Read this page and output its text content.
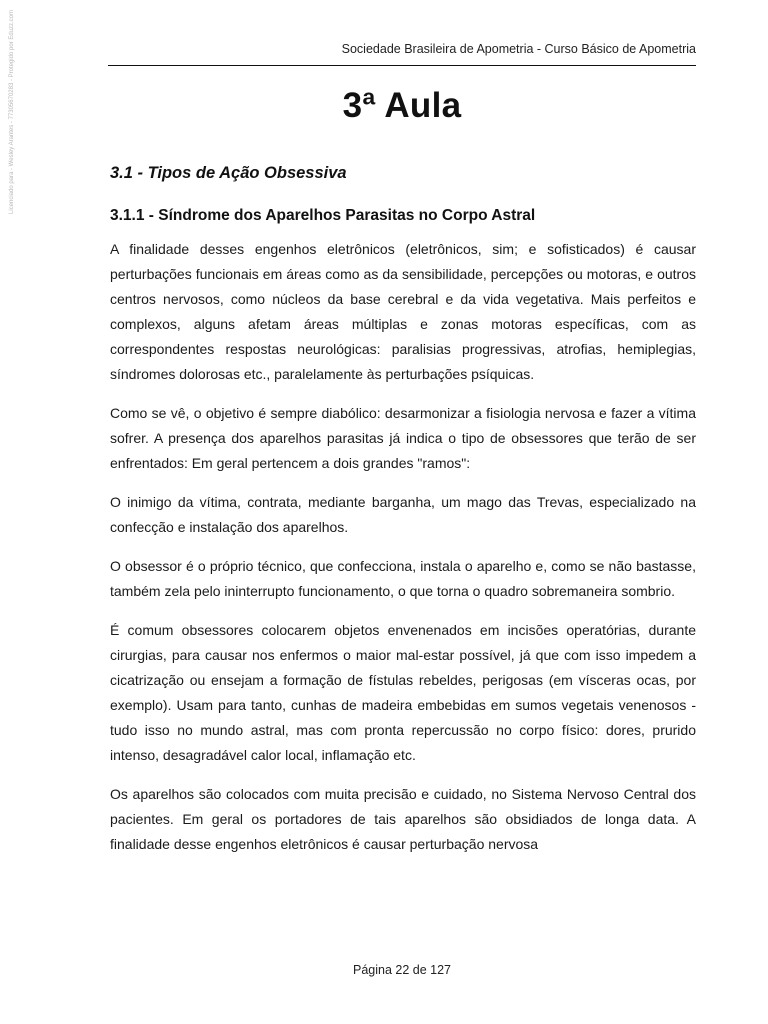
Licenciado para - Wesley Arantes - 77305670283 - Protegido por Eduzz.com	Sociedade Brasileira de Apometria - Curso Básico de Apometria
3ª Aula
3.1 - Tipos de Ação Obsessiva
3.1.1 - Síndrome dos Aparelhos Parasitas no Corpo Astral

A finalidade desses engenhos eletrônicos (eletrônicos, sim; e sofisticados) é causar perturbações funcionais em áreas como as da sensibilidade, percepções ou motoras, e outros centros nervosos, como núcleos da base cerebral e da vida vegetativa. Mais perfeitos e complexos, alguns afetam áreas múltiplas e zonas motoras específicas, com as correspondentes respostas neurológicas: paralisias progressivas, atrofias, hemiplegias, síndromes dolorosas etc., paralelamente às perturbações psíquicas.

Como se vê, o objetivo é sempre diabólico: desarmonizar a fisiologia nervosa e fazer a vítima sofrer. A presença dos aparelhos parasitas já indica o tipo de obsessores que terão de ser enfrentados: Em geral pertencem a dois grandes "ramos":

O inimigo da vítima, contrata, mediante barganha, um mago das Trevas, especializado na confecção e instalação dos aparelhos.

O obsessor é o próprio técnico, que confecciona, instala o aparelho e, como se não bastasse, também zela pelo ininterrupto funcionamento, o que torna o quadro sobremaneira sombrio.

É comum obsessores colocarem objetos envenenados em incisões operatórias, durante cirurgias, para causar nos enfermos o maior mal-estar possível, já que com isso impedem a cicatrização ou ensejam a formação de fístulas rebeldes, perigosas (em vísceras ocas, por exemplo). Usam para tanto, cunhas de madeira embebidas em sumos vegetais venenosos - tudo isso no mundo astral, mas com pronta repercussão no corpo físico: dores, prurido intenso, desagradável calor local, inflamação etc.

Os aparelhos são colocados com muita precisão e cuidado, no Sistema Nervoso Central dos pacientes. Em geral os portadores de tais aparelhos são obsidiados de longa data. A finalidade desse engenhos eletrônicos é causar perturbação nervosa

Página 22 de 127
